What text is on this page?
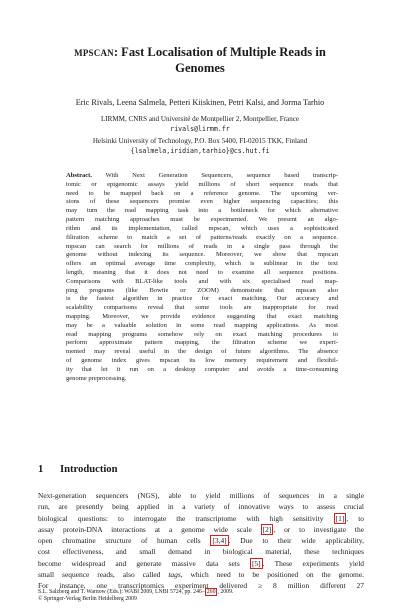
mpscan: Fast Localisation of Multiple Reads in
Genomes
Eric Rivals, Leena Salmela, Petteri Kiiskinen, Petri Kalsi, and Jorma Tarhio
LIRMM, CNRS and Université de Montpellier 2, Montpellier, France
rivals@lirmm.fr
Helsinki University of Technology, P.O. Box 5400, FI-02015 TKK, Finland
{lsalmela,iridian,tarhio}@cs.hut.fi
Abstract. With Next Generation Sequencers, sequence based transcrip-
tomic or epigenomic assays yield millions of short sequence reads that
need to be mapped back on a reference genome. The upcoming ver-
sions of these sequencers promise even higher sequencing capacities; this
may turn the read mapping task into a bottleneck for which alternative
pattern matching approaches must be experimented. We present an algo-
rithm and its implementation, called mpscan, which uses a sophisticated
filtration scheme to match a set of patterns/reads exactly on a sequence.
mpscan can search for millions of reads in a single pass through the
genome without indexing its sequence. Moreover, we show that mpscan
offers an optimal average time complexity, which is sublinear in the text
length, meaning that it does not need to examine all sequence positions.
Comparisons with BLAT-like tools and with six specialised read map-
ping programs (like Bowtie or ZOOM) demonstrate that mpscan also
is the fastest algorithm in practice for exact matching. Our accuracy and
scalability comparisons reveal that some tools are inappropriate for read
mapping. Moreover, we provide evidence suggesting that exact matching
may be a valuable solution in some read mapping applications. As most
read mapping programs somehow rely on exact matching procedures to
perform approximate pattern mapping, the filtration scheme we experi-
mented may reveal useful in the design of future algorithms. The absence
of genome index gives mpscan its low memory requirement and flexibil-
ity that let it run on a desktop computer and avoids a time-consuming
genome preprocessing.
1 Introduction
Next-generation sequencers (NGS), able to yield millions of sequences in a single
run, are presently being applied in a variety of innovative ways to assess crucial
biological questions: to interrogate the transcriptome with high sensitivity [1] , to
assay protein-DNA interactions at a genome wide scale [2] , or to investigate the
open chromatine structure of human cells [3,4] . Due to their wide applicability,
cost effectiveness, and small demand in biological material, these techniques
become widespread and generate massive data sets [5] . These experiments yield
small sequence reads, also called tags, which need to be positioned on the genome.
For instance, one transcriptomics experiment delivered ≥ 8 million different 27
S.L. Salzberg and T. Warnow (Eds.): WABI 2009, LNBI 5724, pp. 246– 260 , 2009.
© Springer-Verlag Berlin Heidelberg 2009
